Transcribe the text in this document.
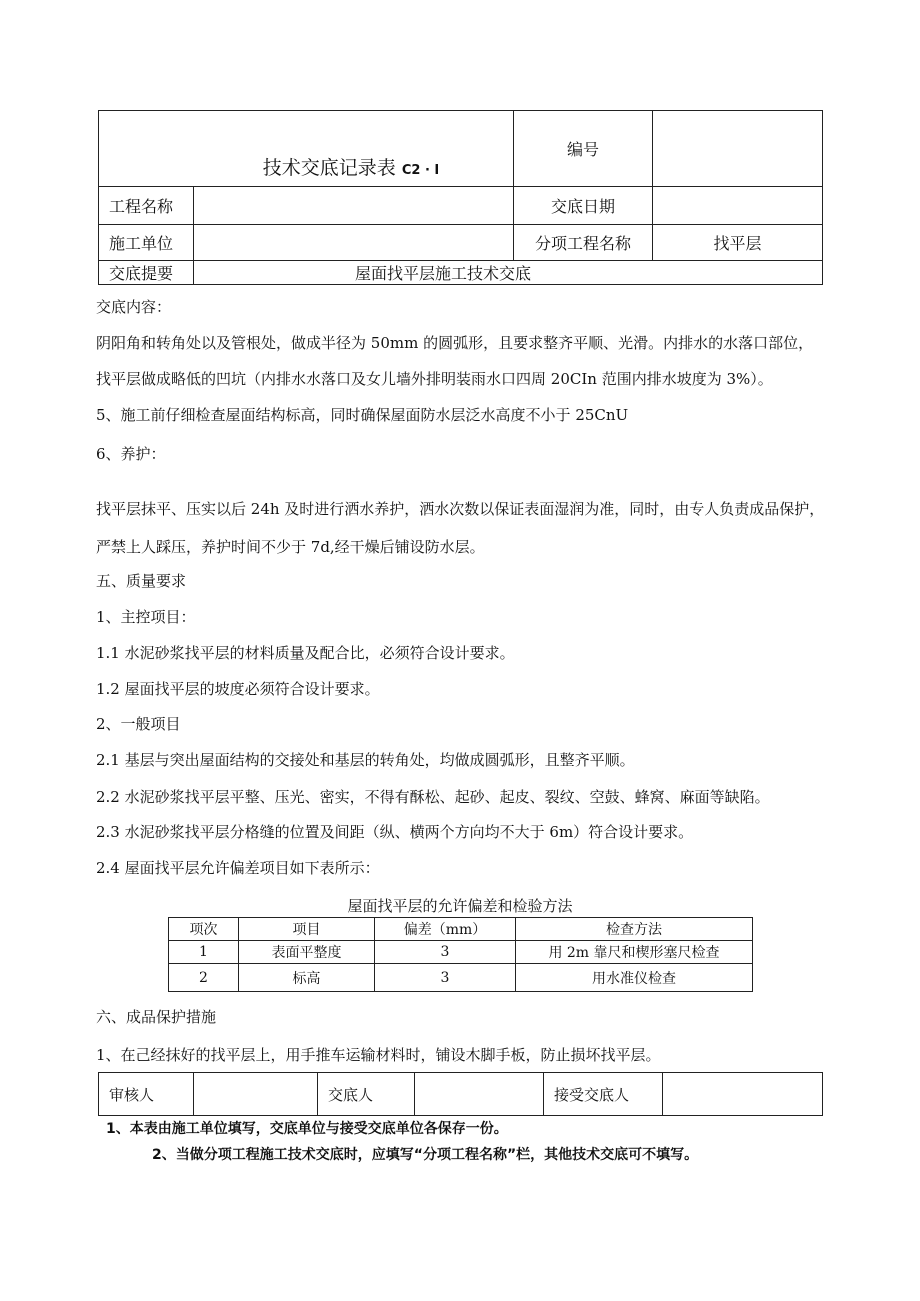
技术交底记录表 C2 · I		编号	
工程名称		交底日期	
施工单位		分项工程名称	找平层
交底提要	屋面找平层施工技术交底		
交底内容：
阴阳角和转角处以及管根处，做成半径为 50mm 的圆弧形，且要求整齐平顺、光滑。内排水的水落口部位，
找平层做成略低的凹坑（内排水水落口及女儿墙外排明装雨水口四周 20CIn 范围内排水坡度为 3%）。
5、施工前仔细检查屋面结构标高，同时确保屋面防水层泛水高度不小于 25CnU
6、养护：
找平层抹平、压实以后 24h 及时进行洒水养护，洒水次数以保证表面湿润为准，同时，由专人负责成品保护，
严禁上人踩压，养护时间不少于 7d,经干燥后铺设防水层。
五、质量要求
1、主控项目：
1.1 水泥砂浆找平层的材料质量及配合比，必须符合设计要求。
1.2 屋面找平层的坡度必须符合设计要求。
2、一般项目
2.1 基层与突出屋面结构的交接处和基层的转角处，均做成圆弧形，且整齐平顺。
2.2 水泥砂浆找平层平整、压光、密实，不得有酥松、起砂、起皮、裂纹、空鼓、蜂窝、麻面等缺陷。
2.3 水泥砂浆找平层分格缝的位置及间距（纵、横两个方向均不大于 6m）符合设计要求。
2.4 屋面找平层允许偏差项目如下表所示：
屋面找平层的允许偏差和检验方法
项次	项目	偏差（mm）	检查方法
1	表面平整度	3	用 2m 靠尺和楔形塞尺检查
2	标高	3	用水准仪检查
六、成品保护措施
1、在己经抹好的找平层上，用手推车运输材料时，铺设木脚手板，防止损坏找平层。
审核人		交底人		接受交底人	
1、本表由施工单位填写，交底单位与接受交底单位各保存一份。
2、当做分项工程施工技术交底时，应填写“分项工程名称”栏，其他技术交底可不填写。
